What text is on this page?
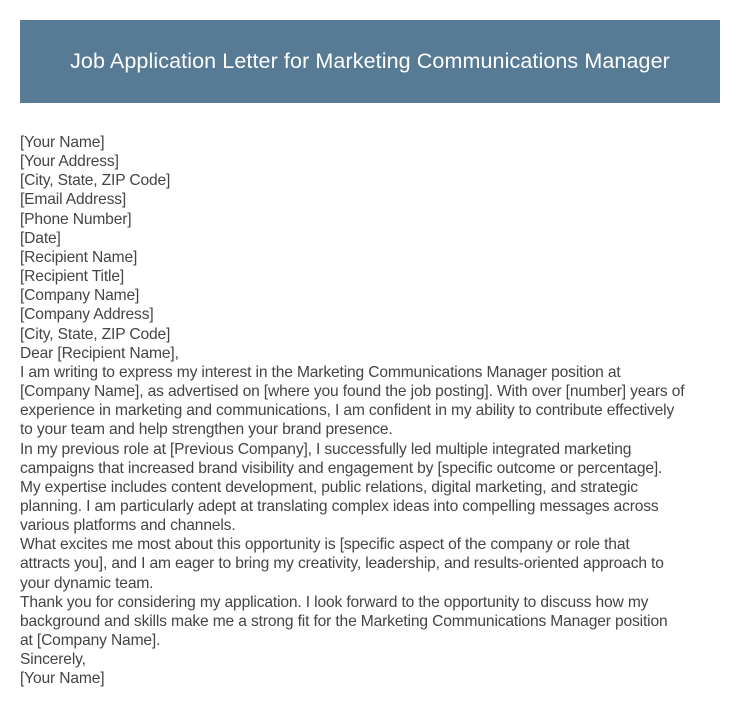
Job Application Letter for Marketing Communications Manager
[Your Name]
[Your Address]
[City, State, ZIP Code]
[Email Address]
[Phone Number]
[Date]
[Recipient Name]
[Recipient Title]
[Company Name]
[Company Address]
[City, State, ZIP Code]
Dear [Recipient Name],

I am writing to express my interest in the Marketing Communications Manager position at
[Company Name], as advertised on [where you found the job posting]. With over [number] years of
experience in marketing and communications, I am confident in my ability to contribute effectively
to your team and help strengthen your brand presence.

In my previous role at [Previous Company], I successfully led multiple integrated marketing
campaigns that increased brand visibility and engagement by [specific outcome or percentage].
My expertise includes content development, public relations, digital marketing, and strategic
planning. I am particularly adept at translating complex ideas into compelling messages across
various platforms and channels.

What excites me most about this opportunity is [specific aspect of the company or role that
attracts you], and I am eager to bring my creativity, leadership, and results-oriented approach to
your dynamic team.

Thank you for considering my application. I look forward to the opportunity to discuss how my
background and skills make me a strong fit for the Marketing Communications Manager position
at [Company Name].

Sincerely,
[Your Name]
